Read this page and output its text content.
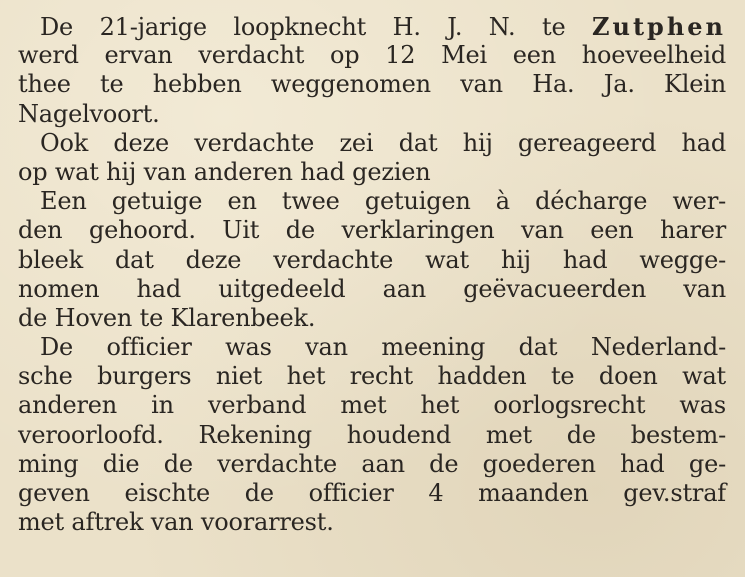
De 21-jarige loopknecht H. J. N. te Zutphen
werd ervan verdacht op 12 Mei een hoeveelheid
thee te hebben weggenomen van Ha. Ja. Klein
Nagelvoort.
Ook deze verdachte zei dat hij gereageerd had
op wat hij van anderen had gezien
Een getuige en twee getuigen à décharge wer-
den gehoord. Uit de verklaringen van een harer
bleek dat deze verdachte wat hij had wegge-
nomen had uitgedeeld aan geëvacueerden van
de Hoven te Klarenbeek.
De officier was van meening dat Nederland-
sche burgers niet het recht hadden te doen wat
anderen in verband met het oorlogsrecht was
veroorloofd. Rekening houdend met de bestem-
ming die de verdachte aan de goederen had ge-
geven eischte de officier 4 maanden gev.straf
met aftrek van voorarrest.
